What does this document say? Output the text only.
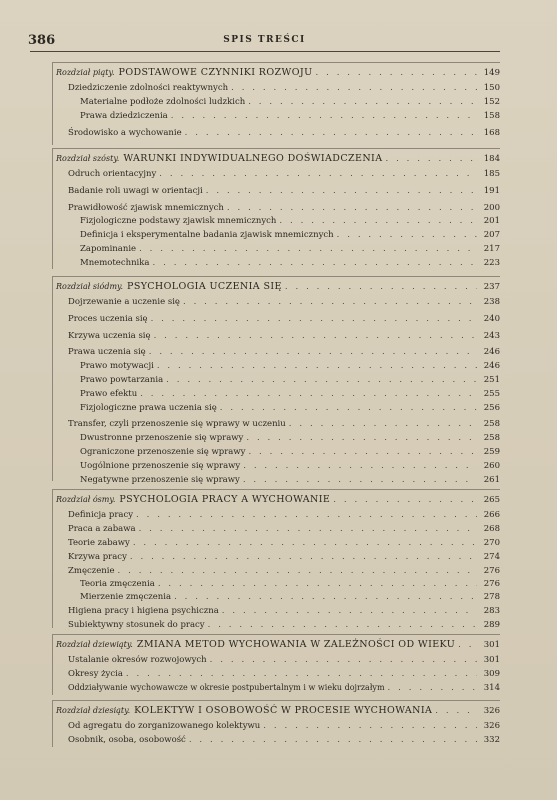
386	SPIS TREŚCI
Rozdział piąty. PODSTAWOWE CZYNNIKI ROZWOJU . . .	149
Dziedziczenie zdolności reaktywnych . . .	150
Materialne podłoże zdolności ludzkich . . .	152
Prawa dziedziczenia . . .	158
Środowisko a wychowanie . . .	168
Rozdział szósty. WARUNKI INDYWIDUALNEGO DOŚWIADCZENIA . . .	184
Odruch orientacyjny . . .	185
Badanie roli uwagi w orientacji . . .	191
Prawidłowość zjawisk mnemicznych . . .	200
Fizjologiczne podstawy zjawisk mnemicznych . . .	201
Definicja i eksperymentalne badania zjawisk mnemicznych . . .	207
Zapominanie . . .	217
Mnemotechnika . . .	223
Rozdział siódmy. PSYCHOLOGIA UCZENIA SIĘ . . .	237
Dojrzewanie a uczenie się . . .	238
Proces uczenia się . . .	240
Krzywa uczenia się . . .	243
Prawa uczenia się . . .	246
Prawo motywacji . . .	246
Prawo powtarzania . . .	251
Prawo efektu . . .	255
Fizjologiczne prawa uczenia się . . .	256
Transfer, czyli przenoszenie się wprawy w uczeniu . . .	258
Dwustronne przenoszenie się wprawy . . .	258
Ograniczone przenoszenie się wprawy . . .	259
Uogólnione przenoszenie się wprawy . . .	260
Negatywne przenoszenie się wprawy . . .	261
Rozdział ósmy. PSYCHOLOGIA PRACY A WYCHOWANIE . . .	265
Definicja pracy . . .	266
Praca a zabawa . . .	268
Teorie zabawy . . .	270
Krzywa pracy . . .	274
Zmęczenie . . .	276
Teoria zmęczenia . . .	276
Mierzenie zmęczenia . . .	278
Higiena pracy i higiena psychiczna . . .	283
Subiektywny stosunek do pracy . . .	289
Rozdział dziewiąty. ZMIANA METOD WYCHOWANIA W ZALEŻNOŚCI OD WIEKU . . .	301
Ustalanie okresów rozwojowych . . .	301
Okresy życia . . .	309
Oddziaływanie wychowawcze w okresie postpubertalnym i w wieku dojrzałym . . .	314
Rozdział dziesiąty. KOLEKTYW I OSOBOWOŚĆ W PROCESIE WYCHOWANIA . . .	326
Od agregatu do zorganizowanego kolektywu . . .	326
Osobnik, osoba, osobowość . . .	332
